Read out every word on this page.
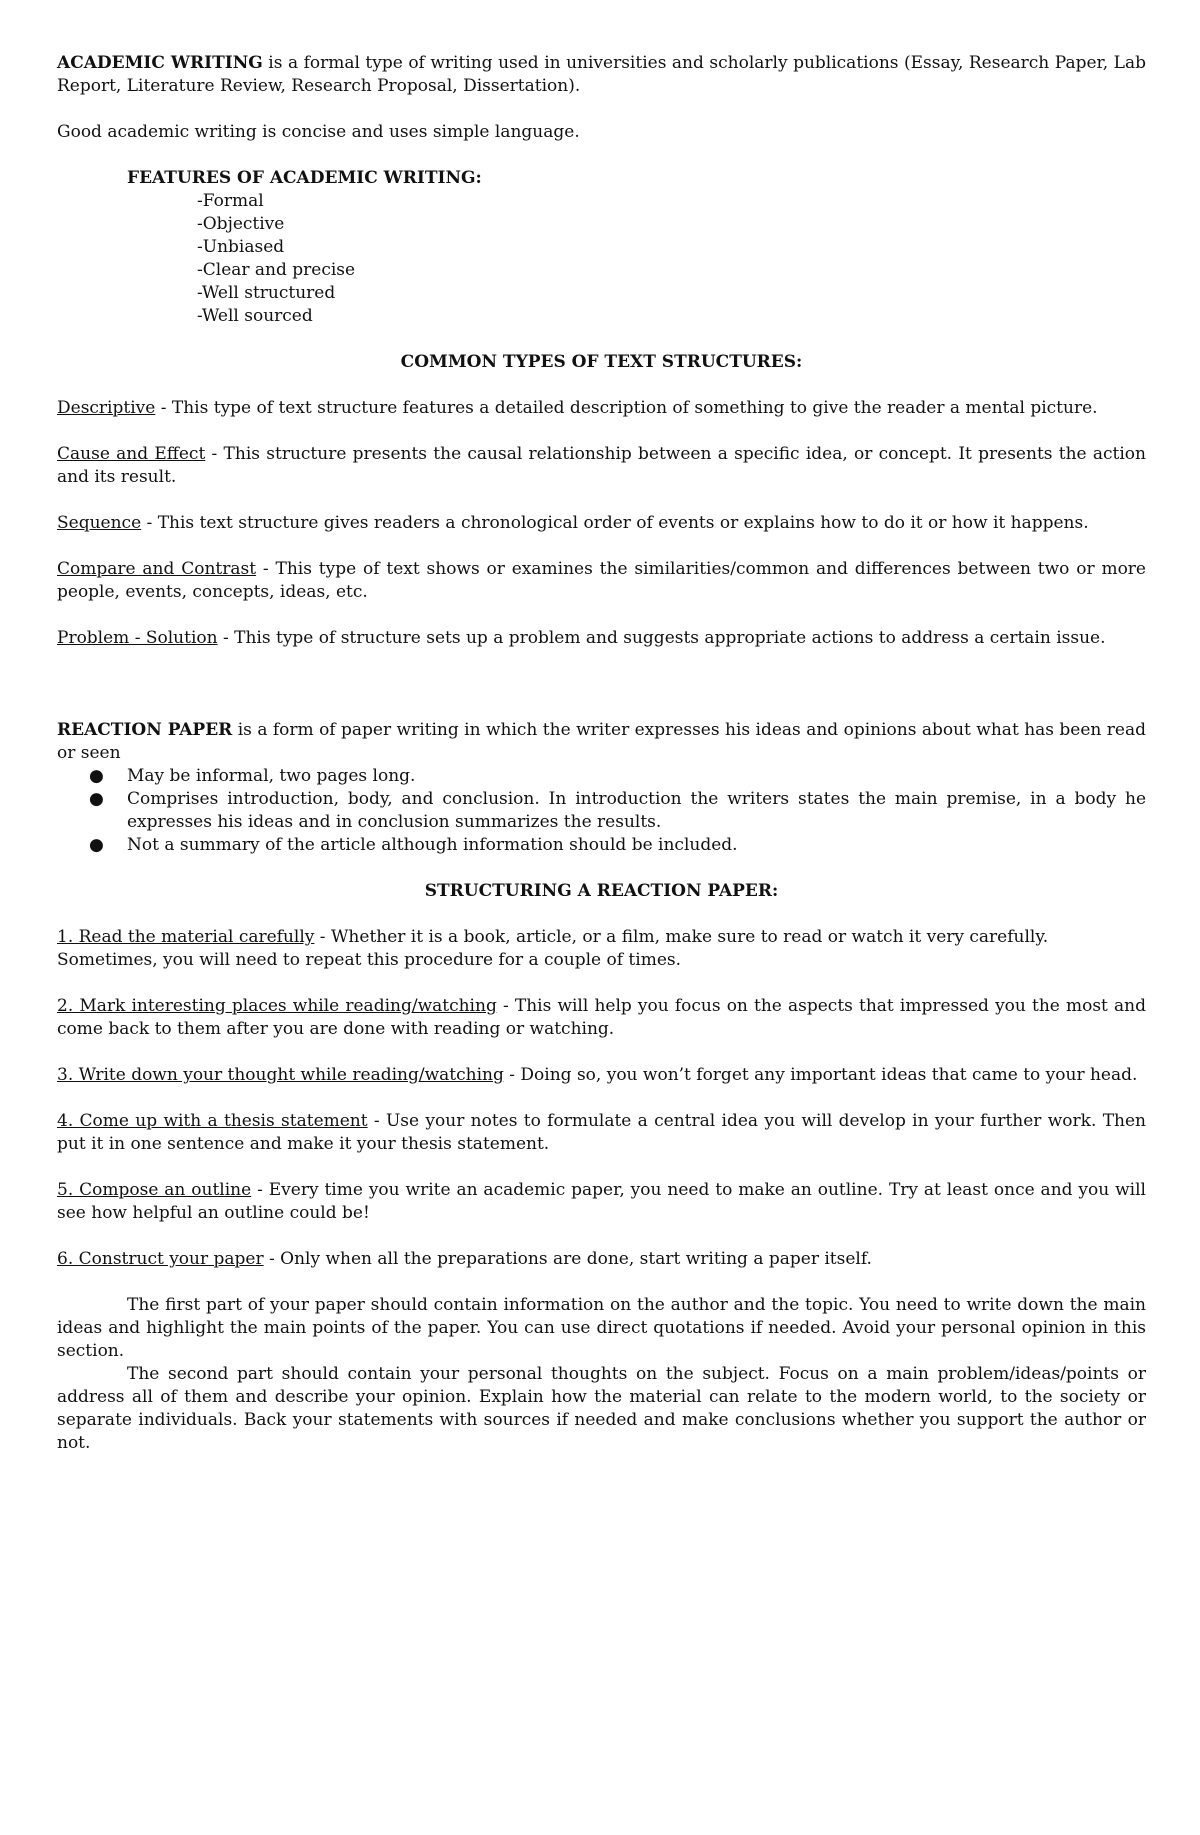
ACADEMIC WRITING is a formal type of writing used in universities and scholarly publications (Essay, Research Paper, Lab Report, Literature Review, Research Proposal, Dissertation).

Good academic writing is concise and uses simple language.

FEATURES OF ACADEMIC WRITING:

-Formal

-Objective

-Unbiased

-Clear and precise

-Well structured

-Well sourced

COMMON TYPES OF TEXT STRUCTURES:

Descriptive - This type of text structure features a detailed description of something to give the reader a mental picture.

Cause and Effect - This structure presents the causal relationship between a specific idea, or concept. It presents the action and its result.

Sequence - This text structure gives readers a chronological order of events or explains how to do it or how it happens.

Compare and Contrast - This type of text shows or examines the similarities/common and differences between two or more people, events, concepts, ideas, etc.

Problem - Solution - This type of structure sets up a problem and suggests appropriate actions to address a certain issue.

REACTION PAPER is a form of paper writing in which the writer expresses his ideas and opinions about what has been read or seen

● May be informal, two pages long.
● Comprises introduction, body, and conclusion. In introduction the writers states the main premise, in a body he expresses his ideas and in conclusion summarizes the results.
● Not a summary of the article although information should be included.

STRUCTURING A REACTION PAPER:

1. Read the material carefully - Whether it is a book, article, or a film, make sure to read or watch it very carefully.

Sometimes, you will need to repeat this procedure for a couple of times.

2. Mark interesting places while reading/watching - This will help you focus on the aspects that impressed you the most and come back to them after you are done with reading or watching.

3. Write down your thought while reading/watching - Doing so, you won’t forget any important ideas that came to your head.

4. Come up with a thesis statement - Use your notes to formulate a central idea you will develop in your further work. Then put it in one sentence and make it your thesis statement.

5. Compose an outline - Every time you write an academic paper, you need to make an outline. Try at least once and you will see how helpful an outline could be!

6. Construct your paper - Only when all the preparations are done, start writing a paper itself.

The first part of your paper should contain information on the author and the topic. You need to write down the main ideas and highlight the main points of the paper. You can use direct quotations if needed. Avoid your personal opinion in this section.

The second part should contain your personal thoughts on the subject. Focus on a main problem/ideas/points or address all of them and describe your opinion. Explain how the material can relate to the modern world, to the society or separate individuals. Back your statements with sources if needed and make conclusions whether you support the author or not.
